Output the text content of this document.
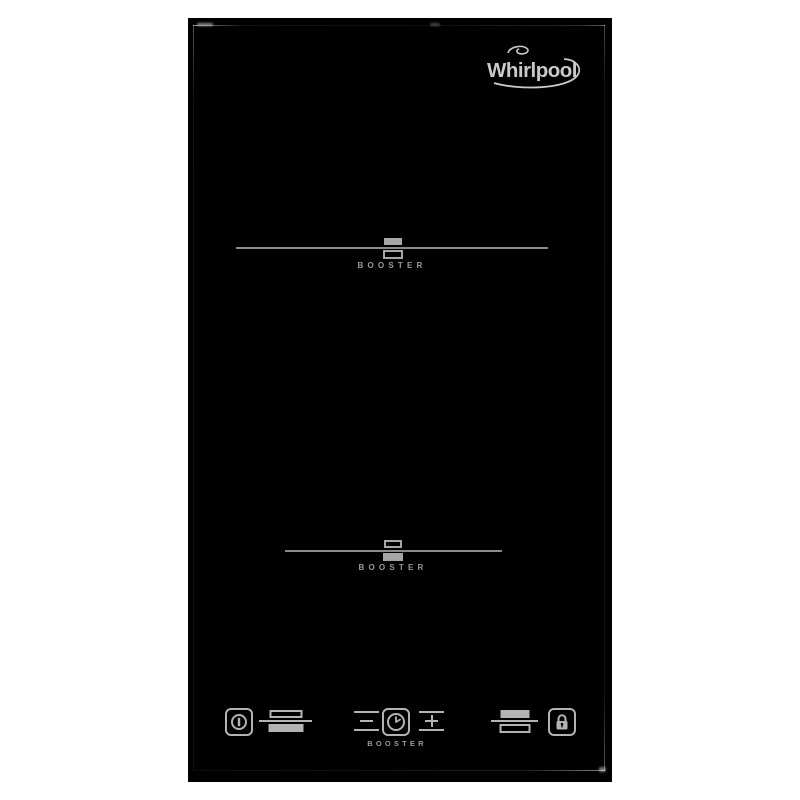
Whirlpool
BOOSTER
BOOSTER
BOOSTER
